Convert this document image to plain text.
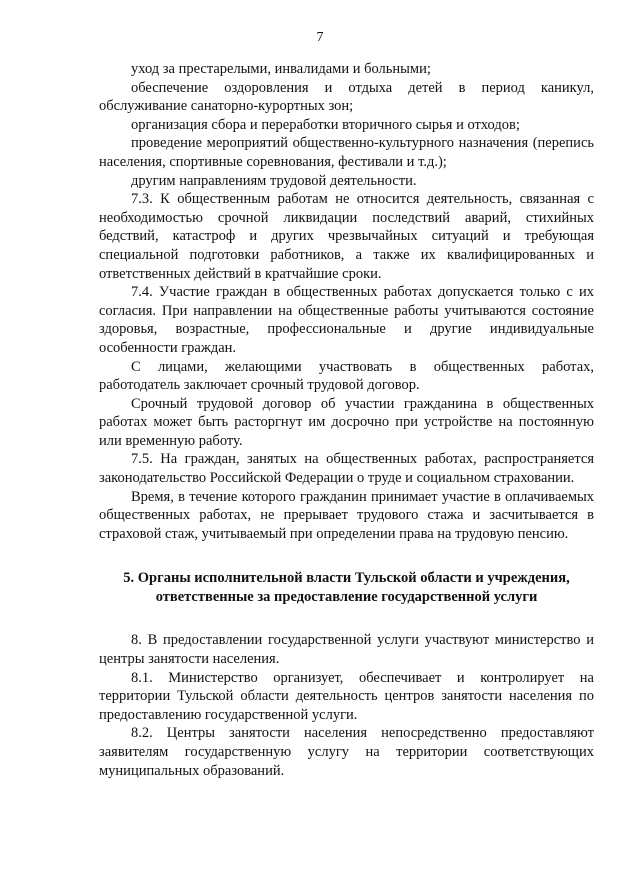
7

уход за престарелыми, инвалидами и больными;

обеспечение оздоровления и отдыха детей в период каникул, обслуживание санаторно-курортных зон;

организация сбора и переработки вторичного сырья и отходов;

проведение мероприятий общественно-культурного назначения (перепись населения, спортивные соревнования, фестивали и т.д.);

другим направлениям трудовой деятельности.

7.3. К общественным работам не относится деятельность, связанная с необходимостью срочной ликвидации последствий аварий, стихийных бедствий, катастроф и других чрезвычайных ситуаций и требующая специальной подготовки работников, а также их квалифицированных и ответственных действий в кратчайшие сроки.

7.4. Участие граждан в общественных работах допускается только с их согласия. При направлении на общественные работы учитываются состояние здоровья, возрастные, профессиональные и другие индивидуальные особенности граждан.

С лицами, желающими участвовать в общественных работах, работодатель заключает срочный трудовой договор.

Срочный трудовой договор об участии гражданина в общественных работах может быть расторгнут им досрочно при устройстве на постоянную или временную работу.

7.5. На граждан, занятых на общественных работах, распространяется законодательство Российской Федерации о труде и социальном страховании.

Время, в течение которого гражданин принимает участие в оплачиваемых общественных работах, не прерывает трудового стажа и засчитывается в страховой стаж, учитываемый при определении права на трудовую пенсию.

5. Органы исполнительной власти Тульской области и учреждения,
ответственные за предоставление государственной услуги

8. В предоставлении государственной услуги участвуют министерство и центры занятости населения.

8.1. Министерство организует, обеспечивает и контролирует на территории Тульской области деятельность центров занятости населения по предоставлению государственной услуги.

8.2. Центры занятости населения непосредственно предоставляют заявителям государственную услугу на территории соответствующих муниципальных образований.
